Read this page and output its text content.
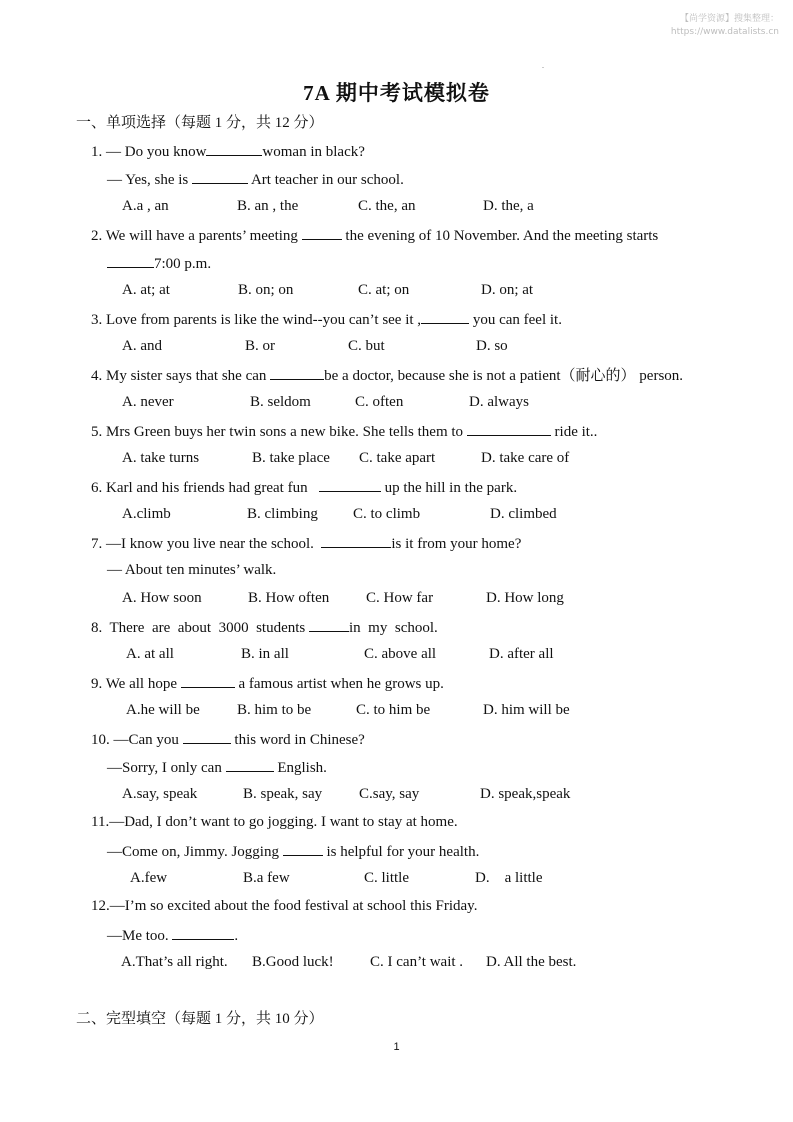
【尚学资源】搜集整理：
https://www.datalists.cn
.
7A 期中考试模拟卷
一、单项选择（每题 1 分，共 12 分）
1. — Do you know	woman in black?
— Yes, she is	Art teacher in our school.
A.a , an	B. an , the	C. the, an	D. the, a
2. We will have a parents’ meeting	the evening of 10 November. And the meeting starts
7:00 p.m.
A. at; at	B. on; on	C. at; on	D. on; at
3. Love from parents is like the wind--you can’t see it ,	you can feel it.
A. and	B. or	C. but	D. so
4. My sister says that she can	be a doctor, because she is not a patient（耐心的） person.
A. never	B. seldom	C. often	D. always
5. Mrs Green buys her twin sons a new bike. She tells them to	ride it..
A. take turns	B. take place C. take apart	D. take care of
6. Karl and his friends had great fun	up the hill in the park.
A.climb	B. climbing C. to climb	D. climbed
7. —I know you live near the school.	is it from your home?
— About ten minutes’ walk.
A. How soon	B. How often C. How far	D. How long
8.  There  are  about  3000  students	in  my  school.
A. at all	B. in all	C. above all	D. after all
9. We all hope	a famous artist when he grows up.
A.he will be B. him to be	C. to him be	D. him will be
10. —Can you	this word in Chinese?
—Sorry, I only can	English.
A.say, speak	B. speak, say C.say, say	D. speak,speak
11.—Dad, I don’t want to go jogging. I want to stay at home.
—Come on, Jimmy. Jogging	is helpful for your health.
A.few	B.a few	C. little	D.    a little
12.—I’m so excited about the food festival at school this Friday.
—Me too.	.
A.That’s all right. B.Good luck! C. I can’t wait . D. All the best.
二、完型填空（每题 1 分，共 10 分）
1
